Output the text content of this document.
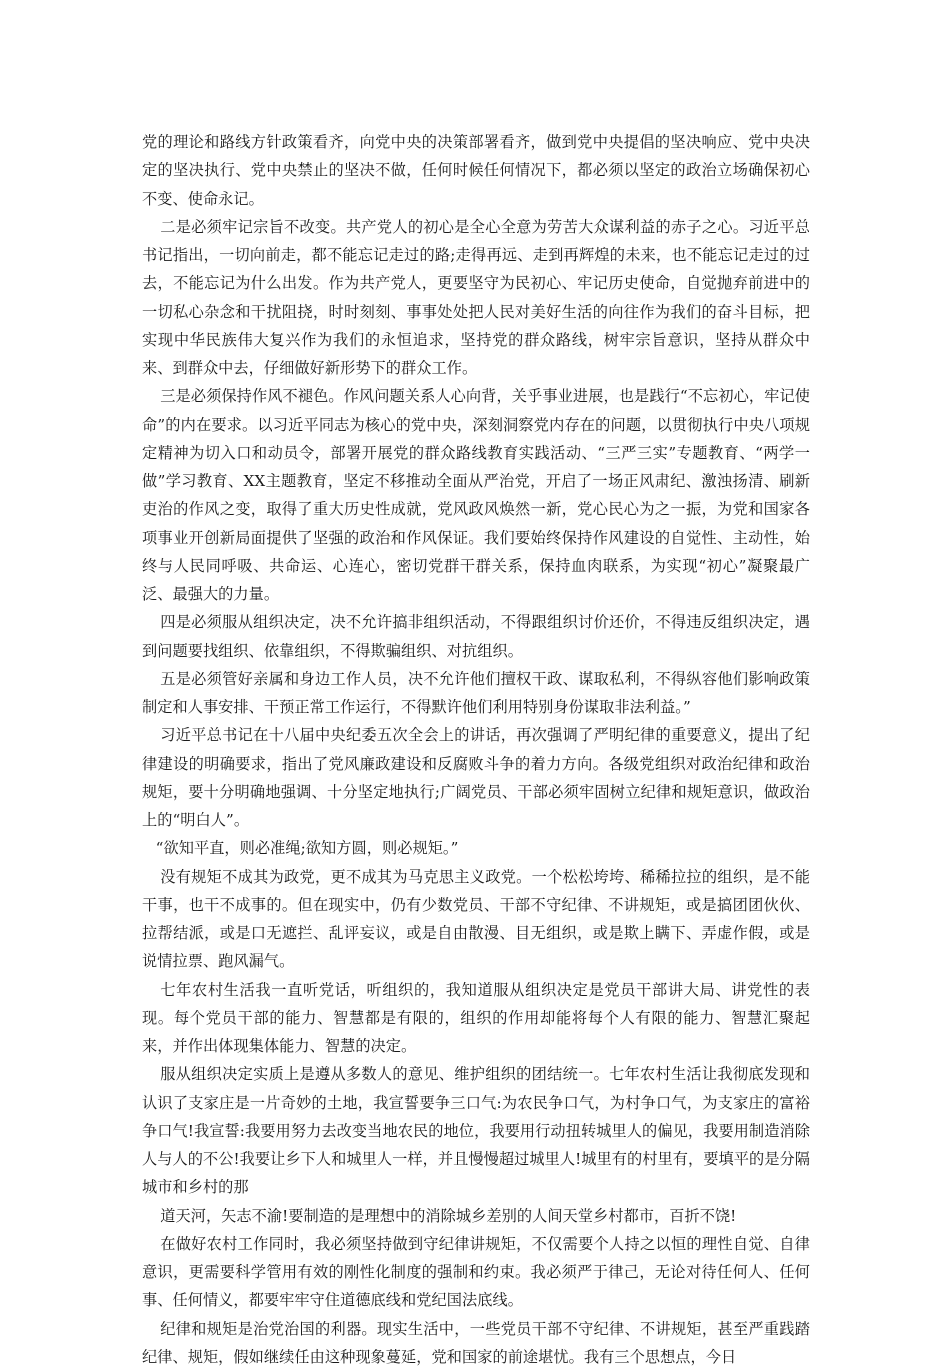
党的理论和路线方针政策看齐，向党中央的决策部署看齐，做到党中央提倡的坚决响应、党中央决定的坚决执行、党中央禁止的坚决不做，任何时候任何情况下，都必须以坚定的政治立场确保初心不变、使命永记。

二是必须牢记宗旨不改变。共产党人的初心是全心全意为劳苦大众谋利益的赤子之心。习近平总书记指出，一切向前走，都不能忘记走过的路;走得再远、走到再辉煌的未来，也不能忘记走过的过去，不能忘记为什么出发。作为共产党人，更要坚守为民初心、牢记历史使命，自觉抛弃前进中的一切私心杂念和干扰阻挠，时时刻刻、事事处处把人民对美好生活的向往作为我们的奋斗目标，把实现中华民族伟大复兴作为我们的永恒追求，坚持党的群众路线，树牢宗旨意识，坚持从群众中来、到群众中去，仔细做好新形势下的群众工作。

三是必须保持作风不褪色。作风问题关系人心向背，关乎事业进展，也是践行“不忘初心，牢记使命”的内在要求。以习近平同志为核心的党中央，深刻洞察党内存在的问题，以贯彻执行中央八项规定精神为切入口和动员令，部署开展党的群众路线教育实践活动、“三严三实”专题教育、“两学一做”学习教育、XX主题教育，坚定不移推动全面从严治党，开启了一场正风肃纪、激浊扬清、刷新吏治的作风之变，取得了重大历史性成就，党风政风焕然一新，党心民心为之一振，为党和国家各项事业开创新局面提供了坚强的政治和作风保证。我们要始终保持作风建设的自觉性、主动性，始终与人民同呼吸、共命运、心连心，密切党群干群关系，保持血肉联系，为实现“初心”凝聚最广泛、最强大的力量。

四是必须服从组织决定，决不允许搞非组织活动，不得跟组织讨价还价，不得违反组织决定，遇到问题要找组织、依靠组织，不得欺骗组织、对抗组织。

五是必须管好亲属和身边工作人员，决不允许他们擅权干政、谋取私利，不得纵容他们影响政策制定和人事安排、干预正常工作运行，不得默许他们利用特别身份谋取非法利益。”

习近平总书记在十八届中央纪委五次全会上的讲话，再次强调了严明纪律的重要意义，提出了纪律建设的明确要求，指出了党风廉政建设和反腐败斗争的着力方向。各级党组织对政治纪律和政治规矩，要十分明确地强调、十分坚定地执行;广阔党员、干部必须牢固树立纪律和规矩意识，做政治上的“明白人”。

“欲知平直，则必准绳;欲知方圆，则必规矩。”

没有规矩不成其为政党，更不成其为马克思主义政党。一个松松垮垮、稀稀拉拉的组织，是不能干事，也干不成事的。但在现实中，仍有少数党员、干部不守纪律、不讲规矩，或是搞团团伙伙、拉帮结派，或是口无遮拦、乱评妄议，或是自由散漫、目无组织，或是欺上瞒下、弄虚作假，或是说情拉票、跑风漏气。

七年农村生活我一直听党话，听组织的，我知道服从组织决定是党员干部讲大局、讲党性的表现。每个党员干部的能力、智慧都是有限的，组织的作用却能将每个人有限的能力、智慧汇聚起来，并作出体现集体能力、智慧的决定。

服从组织决定实质上是遵从多数人的意见、维护组织的团结统一。七年农村生活让我彻底发现和认识了支家庄是一片奇妙的土地，我宣誓要争三口气:为农民争口气，为村争口气，为支家庄的富裕争口气!我宣誓:我要用努力去改变当地农民的地位，我要用行动扭转城里人的偏见，我要用制造消除人与人的不公!我要让乡下人和城里人一样，并且慢慢超过城里人!城里有的村里有，要填平的是分隔城市和乡村的那

道天河，矢志不渝!要制造的是理想中的消除城乡差别的人间天堂乡村都市，百折不饶!

在做好农村工作同时，我必须坚持做到守纪律讲规矩，不仅需要个人持之以恒的理性自觉、自律意识，更需要科学管用有效的刚性化制度的强制和约束。我必须严于律己，无论对待任何人、任何事、任何情义，都要牢牢守住道德底线和党纪国法底线。

纪律和规矩是治党治国的利器。现实生活中，一些党员干部不守纪律、不讲规矩，甚至严重践踏纪律、规矩，假如继续任由这种现象蔓延，党和国家的前途堪忧。我有三个思想点，今日
